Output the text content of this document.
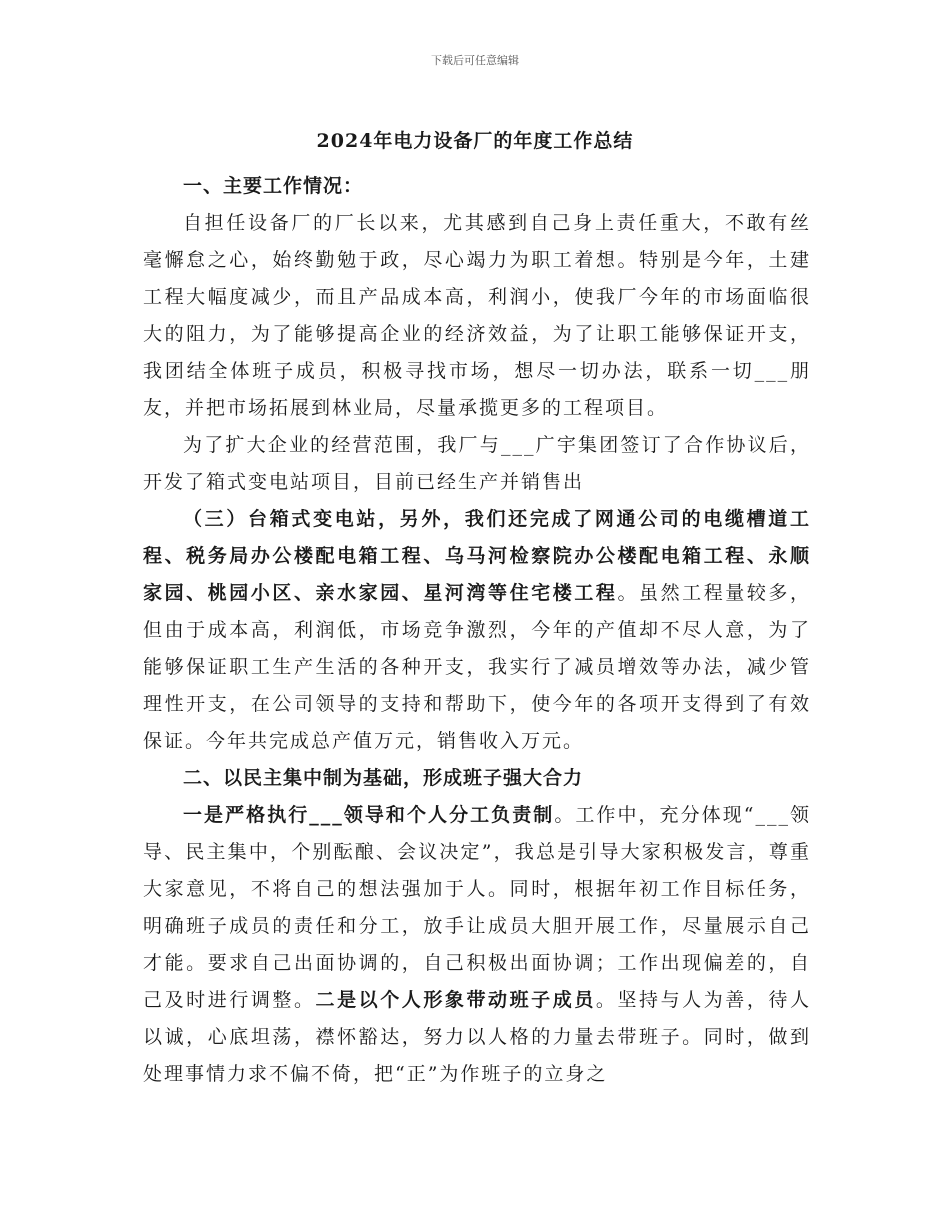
下载后可任意编辑
2024年电力设备厂的年度工作总结
一、主要工作情况：

自担任设备厂的厂长以来，尤其感到自己身上责任重大，不敢有丝毫懈怠之心，始终勤勉于政，尽心竭力为职工着想。特别是今年，土建工程大幅度减少，而且产品成本高，利润小，使我厂今年的市场面临很大的阻力，为了能够提高企业的经济效益，为了让职工能够保证开支，我团结全体班子成员，积极寻找市场，想尽一切办法，联系一切___朋友，并把市场拓展到林业局，尽量承揽更多的工程项目。

为了扩大企业的经营范围，我厂与___广宇集团签订了合作协议后，开发了箱式变电站项目，目前已经生产并销售出

（三）台箱式变电站，另外，我们还完成了网通公司的电缆槽道工程、税务局办公楼配电箱工程、乌马河检察院办公楼配电箱工程、永顺家园、桃园小区、亲水家园、星河湾等住宅楼工程。虽然工程量较多，但由于成本高，利润低，市场竞争激烈，今年的产值却不尽人意，为了能够保证职工生产生活的各种开支，我实行了减员增效等办法，减少管理性开支，在公司领导的支持和帮助下，使今年的各项开支得到了有效保证。今年共完成总产值万元，销售收入万元。

二、以民主集中制为基础，形成班子强大合力

一是严格执行___领导和个人分工负责制。工作中，充分体现“___领导、民主集中，个别酝酿、会议决定”，我总是引导大家积极发言，尊重大家意见，不将自己的想法强加于人。同时，根据年初工作目标任务，明确班子成员的责任和分工，放手让成员大胆开展工作，尽量展示自己才能。要求自己出面协调的，自己积极出面协调；工作出现偏差的，自己及时进行调整。二是以个人形象带动班子成员。坚持与人为善，待人以诚，心底坦荡，襟怀豁达，努力以人格的力量去带班子。同时，做到处理事情力求不偏不倚，把“正”为作班子的立身之
